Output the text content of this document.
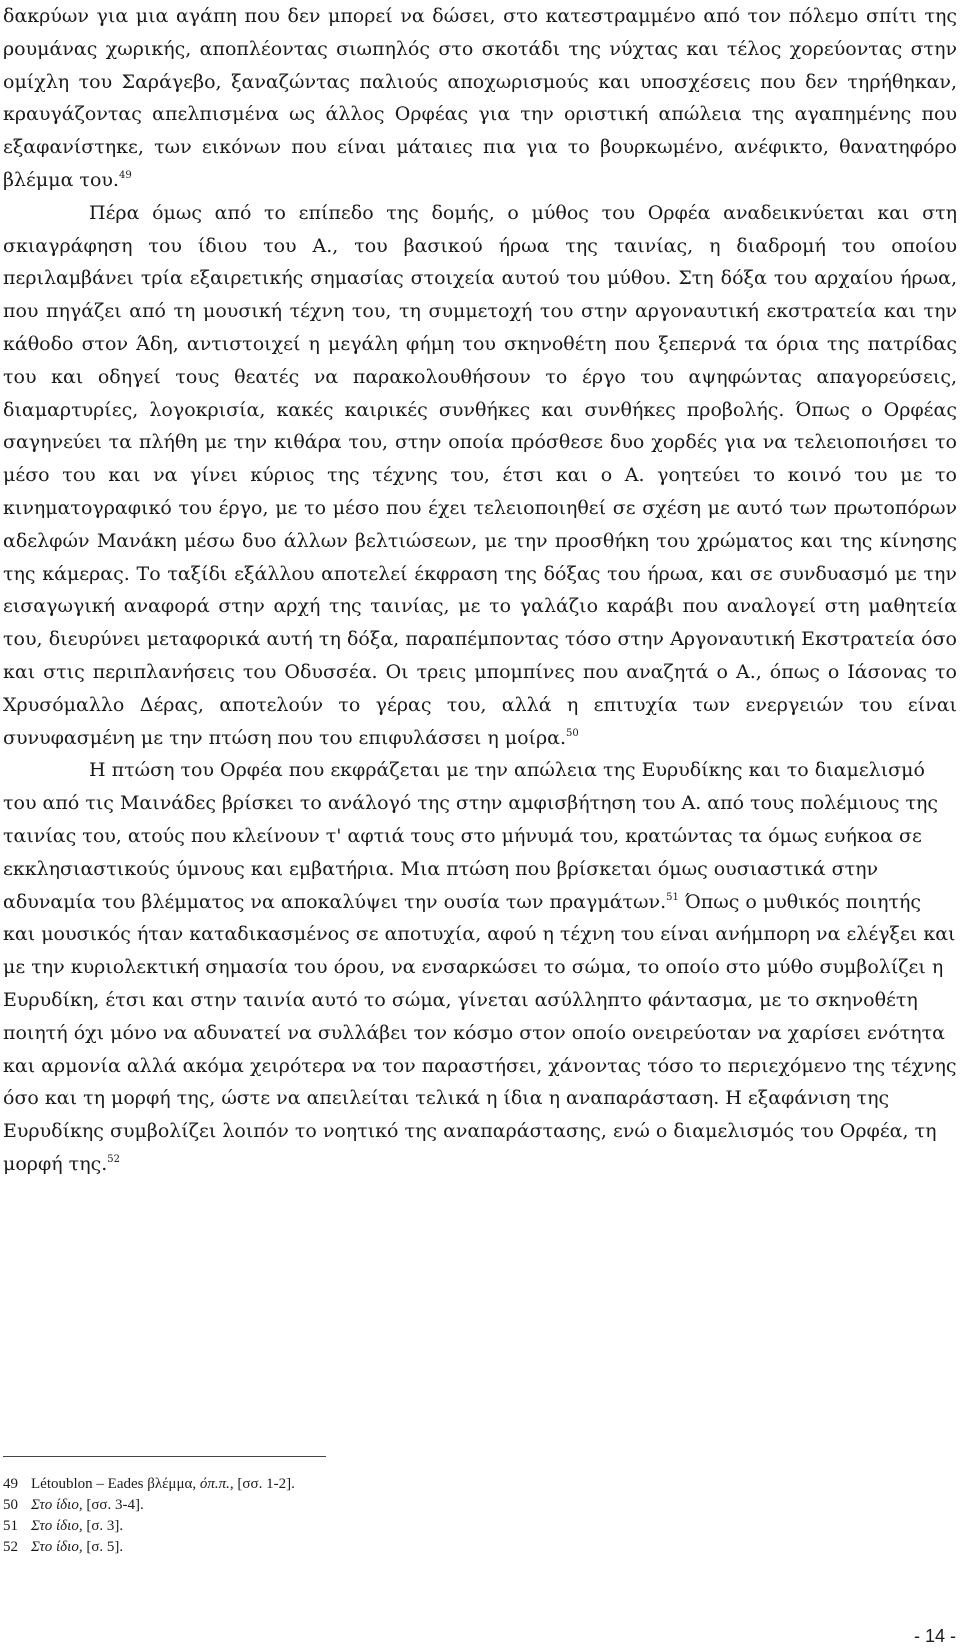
δακρύων για μια αγάπη που δεν μπορεί να δώσει, στο κατεστραμμένο από τον πόλεμο σπίτι της ρουμάνας χωρικής, αποπλέοντας σιωπηλός στο σκοτάδι της νύχτας και τέλος χορεύοντας στην ομίχλη του Σαράγεβο, ξαναζώντας παλιούς αποχωρισμούς και υποσχέσεις που δεν τηρήθηκαν, κραυγάζοντας απελπισμένα ως άλλος Ορφέας για την οριστική απώλεια της αγαπημένης που εξαφανίστηκε, των εικόνων που είναι μάταιες πια για το βουρκωμένο, ανέφικτο, θανατηφόρο βλέμμα του.$^{49}$

Πέρα όμως από το επίπεδο της δομής, ο μύθος του Ορφέα αναδεικνύεται και στη σκιαγράφηση του ίδιου του Α., του βασικού ήρωα της ταινίας, η διαδρομή του οποίου περιλαμβάνει τρία εξαιρετικής σημασίας στοιχεία αυτού του μύθου. Στη δόξα του αρχαίου ήρωα, που πηγάζει από τη μουσική τέχνη του, τη συμμετοχή του στην αργοναυτική εκστρατεία και την κάθοδο στον Άδη, αντιστοιχεί η μεγάλη φήμη του σκηνοθέτη που ξεπερνά τα όρια της πατρίδας του και οδηγεί τους θεατές να παρακολουθήσουν το έργο του αψηφώντας απαγορεύσεις, διαμαρτυρίες, λογοκρισία, κακές καιρικές συνθήκες και συνθήκες προβολής. Όπως ο Ορφέας σαγηνεύει τα πλήθη με την κιθάρα του, στην οποία πρόσθεσε δυο χορδές για να τελειοποιήσει το μέσο του και να γίνει κύριος της τέχνης του, έτσι και ο Α. γοητεύει το κοινό του με το κινηματογραφικό του έργο, με το μέσο που έχει τελειοποιηθεί σε σχέση με αυτό των πρωτοπόρων αδελφών Μανάκη μέσω δυο άλλων βελτιώσεων, με την προσθήκη του χρώματος και της κίνησης της κάμερας. Το ταξίδι εξάλλου αποτελεί έκφραση της δόξας του ήρωα, και σε συνδυασμό με την εισαγωγική αναφορά στην αρχή της ταινίας, με το γαλάζιο καράβι που αναλογεί στη μαθητεία του, διευρύνει μεταφορικά αυτή τη δόξα, παραπέμποντας τόσο στην Αργοναυτική Εκστρατεία όσο και στις περιπλανήσεις του Οδυσσέα. Οι τρεις μπομπίνες που αναζητά ο Α., όπως ο Ιάσονας το Χρυσόμαλλο Δέρας, αποτελούν το γέρας του, αλλά η επιτυχία των ενεργειών του είναι συνυφασμένη με την πτώση που του επιφυλάσσει η μοίρα.$^{50}$

Η πτώση του Ορφέα που εκφράζεται με την απώλεια της Ευρυδίκης και το διαμελισμό του από τις Μαινάδες βρίσκει το ανάλογό της στην αμφισβήτηση του Α. από τους πολέμιους της ταινίας του, ατούς που κλείνουν τ' αφτιά τους στο μήνυμά του, κρατώντας τα όμως ευήκοα σε εκκλησιαστικούς ύμνους και εμβατήρια. Μια πτώση που βρίσκεται όμως ουσιαστικά στην αδυναμία του βλέμματος να αποκαλύψει την ουσία των πραγμάτων.$^{51}$ Όπως ο μυθικός ποιητής και μουσικός ήταν καταδικασμένος σε αποτυχία, αφού η τέχνη του είναι ανήμπορη να ελέγξει και με την κυριολεκτική σημασία του όρου, να ενσαρκώσει το σώμα, το οποίο στο μύθο συμβολίζει η Ευρυδίκη, έτσι και στην ταινία αυτό το σώμα, γίνεται ασύλληπτο φάντασμα, με το σκηνοθέτη ποιητή όχι μόνο να αδυνατεί να συλλάβει τον κόσμο στον οποίο ονειρεύοταν να χαρίσει ενότητα και αρμονία αλλά ακόμα χειρότερα να τον παραστήσει, χάνοντας τόσο το περιεχόμενο της τέχνης όσο και τη μορφή της, ώστε να απειλείται τελικά η ίδια η αναπαράσταση. Η εξαφάνιση της Ευρυδίκης συμβολίζει λοιπόν το νοητικό της αναπαράστασης, ενώ ο διαμελισμός του Ορφέα, τη μορφή της.$^{52}$

49 Létoublon – Eades βλέμμα, όπ.π., [σσ. 1-2].
50 Στο ίδιο, [σσ. 3-4].
51 Στο ίδιο, [σ. 3].
52 Στο ίδιο, [σ. 5].
- 14 -
